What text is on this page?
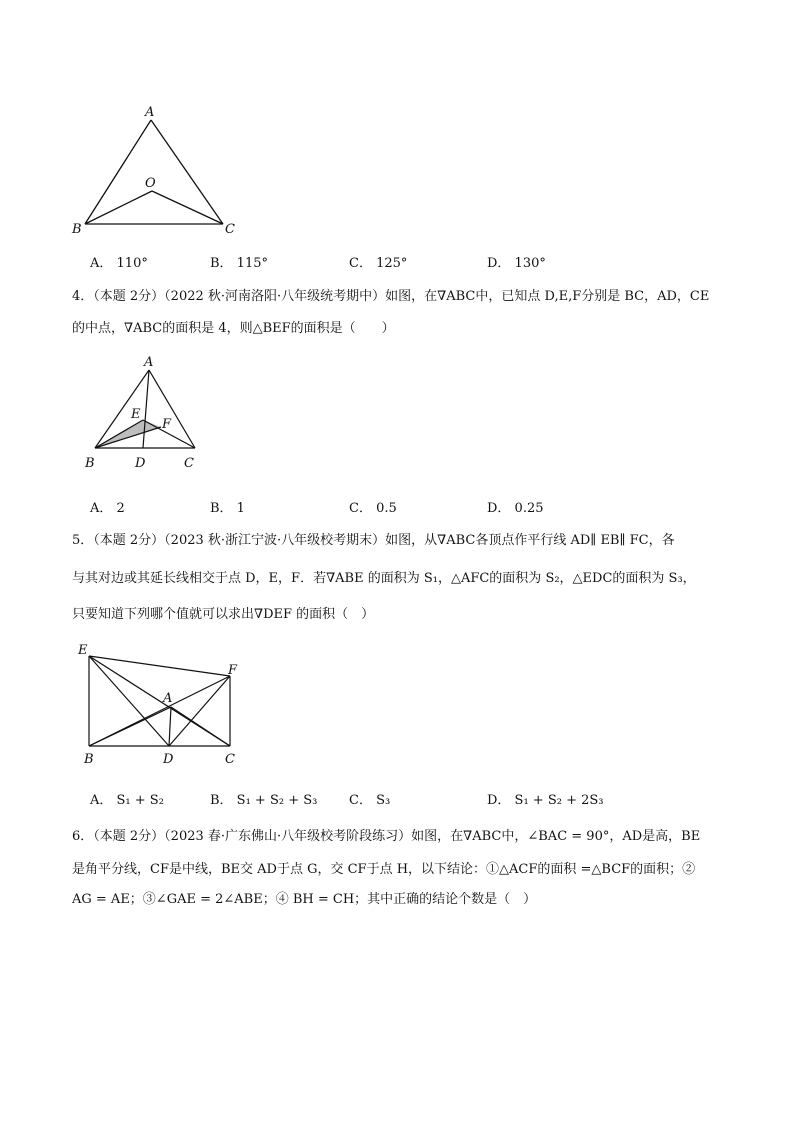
A
O
B	C
A． 110°	B． 115°	C． 125°	D． 130°
4．（本题 2分）（2022 秋·河南洛阳·八年级统考期中）如图，在∇ABC中，已知点 D,E,F分别是 BC，AD，CE
的中点，∇ABC的面积是 4，则△BEF的面积是（　　）
A
E
F
B	D	C
A． 2	B． 1	C． 0.5	D． 0.25
5．（本题 2分）（2023 秋·浙江宁波·八年级校考期末）如图，从∇ABC各顶点作平行线 AD∥ EB∥ FC，各
与其对边或其延长线相交于点 D，E，F．若∇ABE 的面积为 S₁，△AFC的面积为 S₂，△EDC的面积为 S₃，
只要知道下列哪个值就可以求出∇DEF 的面积（　）
E
F
A
B	D	C
A． S₁ + S₂	B． S₁ + S₂ + S₃ C． S₃	D． S₁ + S₂ + 2S₃
6．（本题 2分）（2023 春·广东佛山·八年级校考阶段练习）如图，在∇ABC中，∠BAC = 90°，AD是高，BE
是角平分线，CF是中线，BE交 AD于点 G，交 CF于点 H，以下结论：①△ACF的面积 =△BCF的面积；②
AG = AE；③∠GAE = 2∠ABE；④ BH = CH；其中正确的结论个数是（　）
